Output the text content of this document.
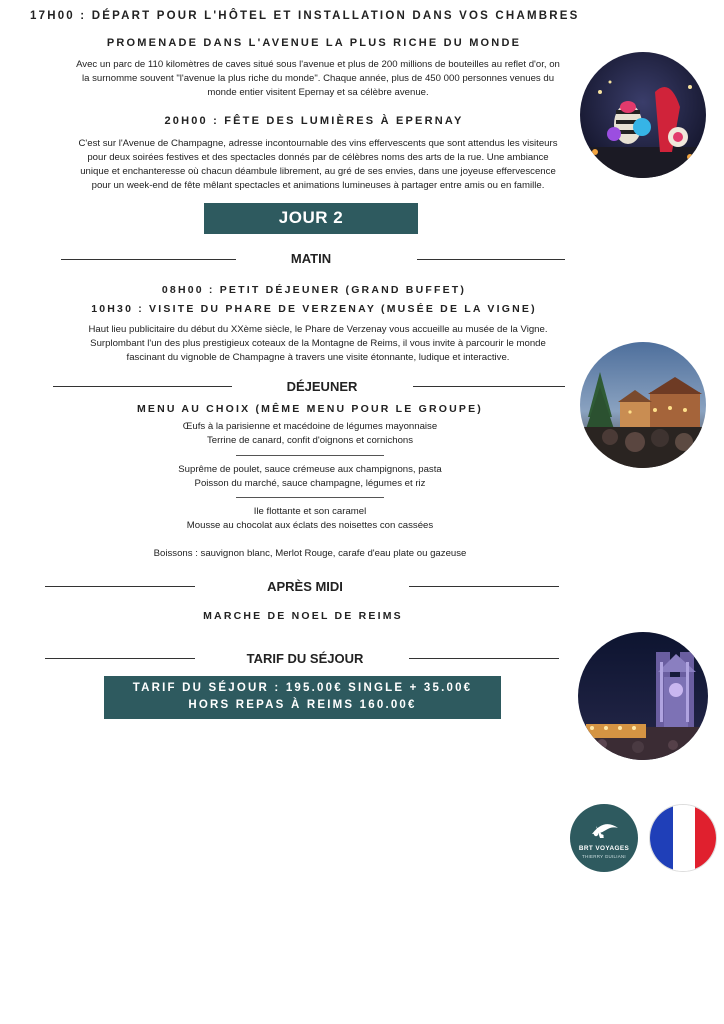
17H00 : DÉPART POUR L'HÔTEL ET INSTALLATION DANS VOS CHAMBRES
PROMENADE DANS L'AVENUE LA PLUS RICHE DU MONDE
Avec un parc de 110 kilomètres de caves situé sous l'avenue et plus de 200 millions de bouteilles au reflet d'or, on
la surnomme souvent "l'avenue la plus riche du monde". Chaque année, plus de 450 000 personnes venues du
monde entier visitent Epernay et sa célèbre avenue.
20H00 : FÊTE DES LUMIÈRES À EPERNAY
C'est sur l'Avenue de Champagne, adresse incontournable des vins effervescents que sont attendus les visiteurs
pour deux soirées festives et des spectacles donnés par de célèbres noms des arts de la rue. Une ambiance
unique et enchanteresse où chacun déambule librement, au gré de ses envies, dans une joyeuse effervescence
pour un week-end de fête mêlant spectacles et animations lumineuses à partager entre amis ou en famille.
JOUR 2
MATIN
08H00 : PETIT DÉJEUNER (GRAND BUFFET)
10H30 : VISITE DU PHARE DE VERZENAY (MUSÉE DE LA VIGNE)
Haut lieu publicitaire du début du XXème siècle, le Phare de Verzenay vous accueille au musée de la Vigne.
Surplombant l'un des plus prestigieux coteaux de la Montagne de Reims, il vous invite à parcourir le monde
fascinant du vignoble de Champagne à travers une visite étonnante, ludique et interactive.
DÉJEUNER
MENU AU CHOIX (MÊME MENU POUR LE GROUPE)
Œufs à la parisienne et macédoine de légumes mayonnaise
Terrine de canard, confit d'oignons et cornichons
Suprême de poulet, sauce crémeuse aux champignons, pasta
Poisson du marché, sauce champagne, légumes et riz
Ile flottante et son caramel
Mousse au chocolat aux éclats des noisettes con cassées
Boissons : sauvignon blanc, Merlot Rouge, carafe d'eau plate ou gazeuse
APRÈS MIDI
MARCHE DE NOEL DE REIMS
TARIF DU SÉJOUR
TARIF DU SÉJOUR : 195.00€ SINGLE + 35.00€
HORS REPAS À REIMS 160.00€
BRT VOYAGES
THIERRY GUILIANI
